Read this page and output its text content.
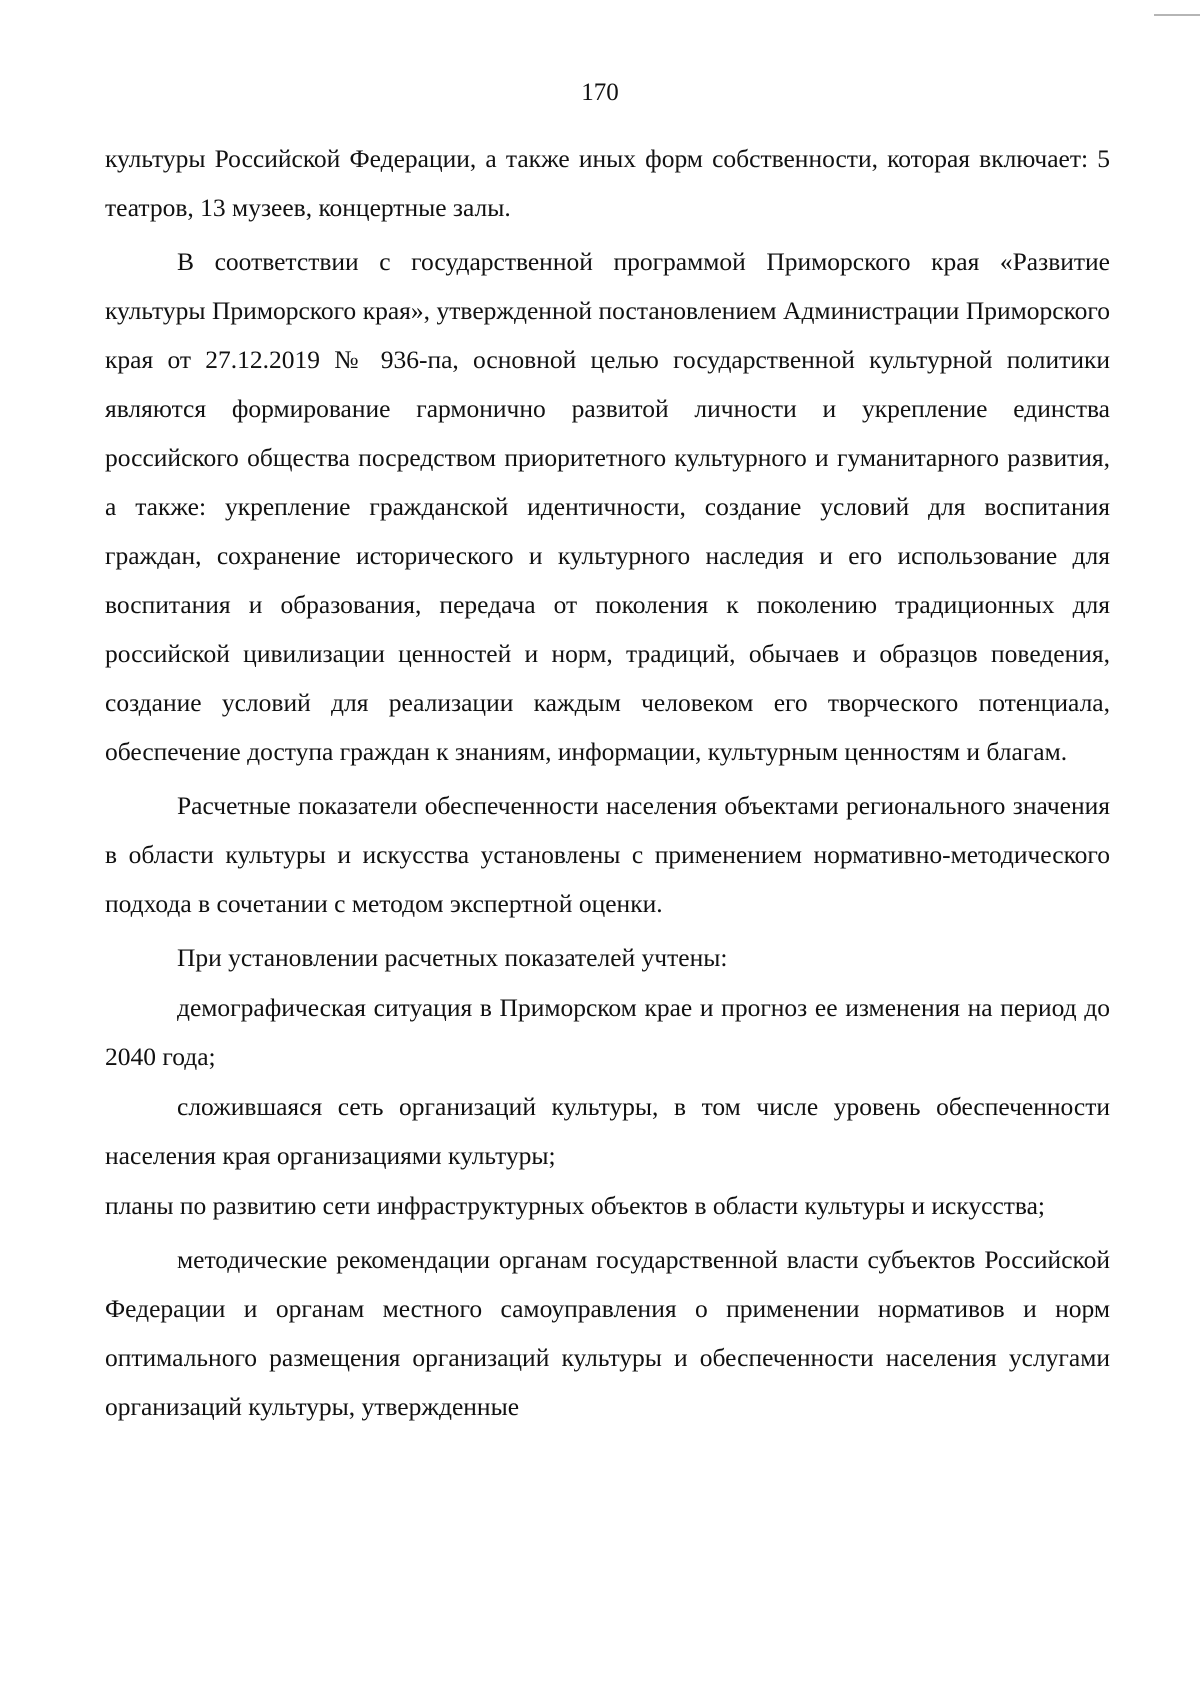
170

культуры Российской Федерации, а также иных форм собственности, которая включает: 5 театров, 13 музеев, концертные залы.

В соответствии с государственной программой Приморского края «Развитие культуры Приморского края», утвержденной постановлением Администрации Приморского края от 27.12.2019 № 936-па, основной целью государственной культурной политики являются формирование гармонично развитой личности и укрепление единства российского общества посредством приоритетного культурного и гуманитарного развития, а также: укрепление гражданской идентичности, создание условий для воспитания граждан, сохранение исторического и культурного наследия и его использование для воспитания и образования, передача от поколения к поколению традиционных для российской цивилизации ценностей и норм, традиций, обычаев и образцов поведения, создание условий для реализации каждым человеком его творческого потенциала, обеспечение доступа граждан к знаниям, информации, культурным ценностям и благам.

Расчетные показатели обеспеченности населения объектами регионального значения в области культуры и искусства установлены с применением нормативно-методического подхода в сочетании с методом экспертной оценки.

При установлении расчетных показателей учтены:

демографическая ситуация в Приморском крае и прогноз ее изменения на период до 2040 года;

сложившаяся сеть организаций культуры, в том числе уровень обеспеченности населения края организациями культуры;

планы по развитию сети инфраструктурных объектов в области культуры и искусства;

методические рекомендации органам государственной власти субъектов Российской Федерации и органам местного самоуправления о применении нормативов и норм оптимального размещения организаций культуры и обеспеченности населения услугами организаций культуры, утвержденные
